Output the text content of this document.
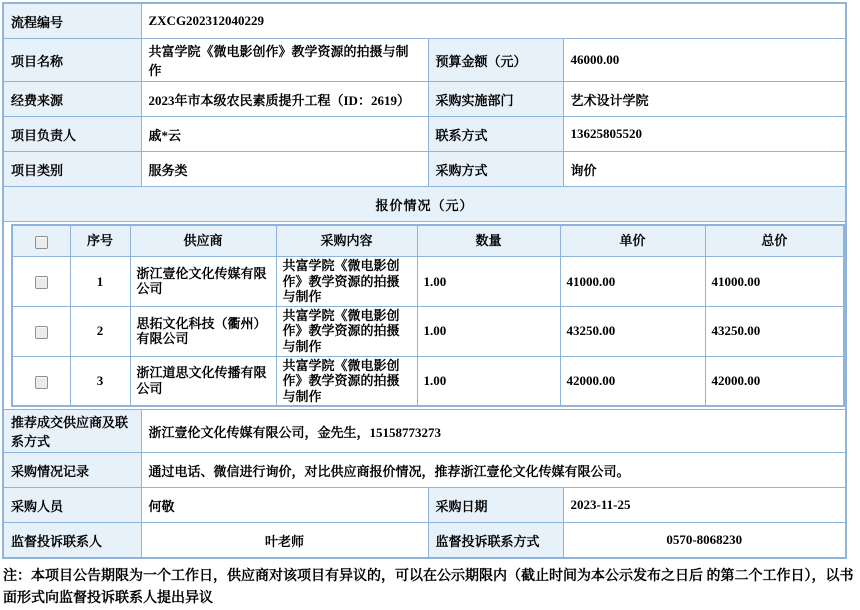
流程编号	ZXCG202312040229
项目名称	共富学院《微电影创作》教学资源的拍摄与制作	预算金额（元）	46000.00
经费来源	2023年市本级农民素质提升工程（ID：2619）	采购实施部门	艺术设计学院
项目负责人	戚*云	联系方式	13625805520
项目类别	服务类	采购方式	询价
报价情况（元）

	序号	供应商	采购内容	数量	单价	总价
	1	浙江壹伦文化传媒有限公司	共富学院《微电影创作》教学资源的拍摄与制作	1.00	41000.00	41000.00
	2	思拓文化科技（衢州）有限公司	共富学院《微电影创作》教学资源的拍摄与制作	1.00	43250.00	43250.00
	3	浙江道思文化传播有限公司	共富学院《微电影创作》教学资源的拍摄与制作	1.00	42000.00	42000.00

推荐成交供应商及联系方式	浙江壹伦文化传媒有限公司，金先生，15158773273
采购情况记录	通过电话、微信进行询价，对比供应商报价情况，推荐浙江壹伦文化传媒有限公司。
采购人员	何敬	采购日期	2023-11-25
监督投诉联系人	叶老师	监督投诉联系方式	0570-8068230
注：本项目公告期限为一个工作日，供应商对该项目有异议的，可以在公示期限内（截止时间为本公示发布之日后 的第二个工作日），以书面形式向监督投诉联系人提出异议
